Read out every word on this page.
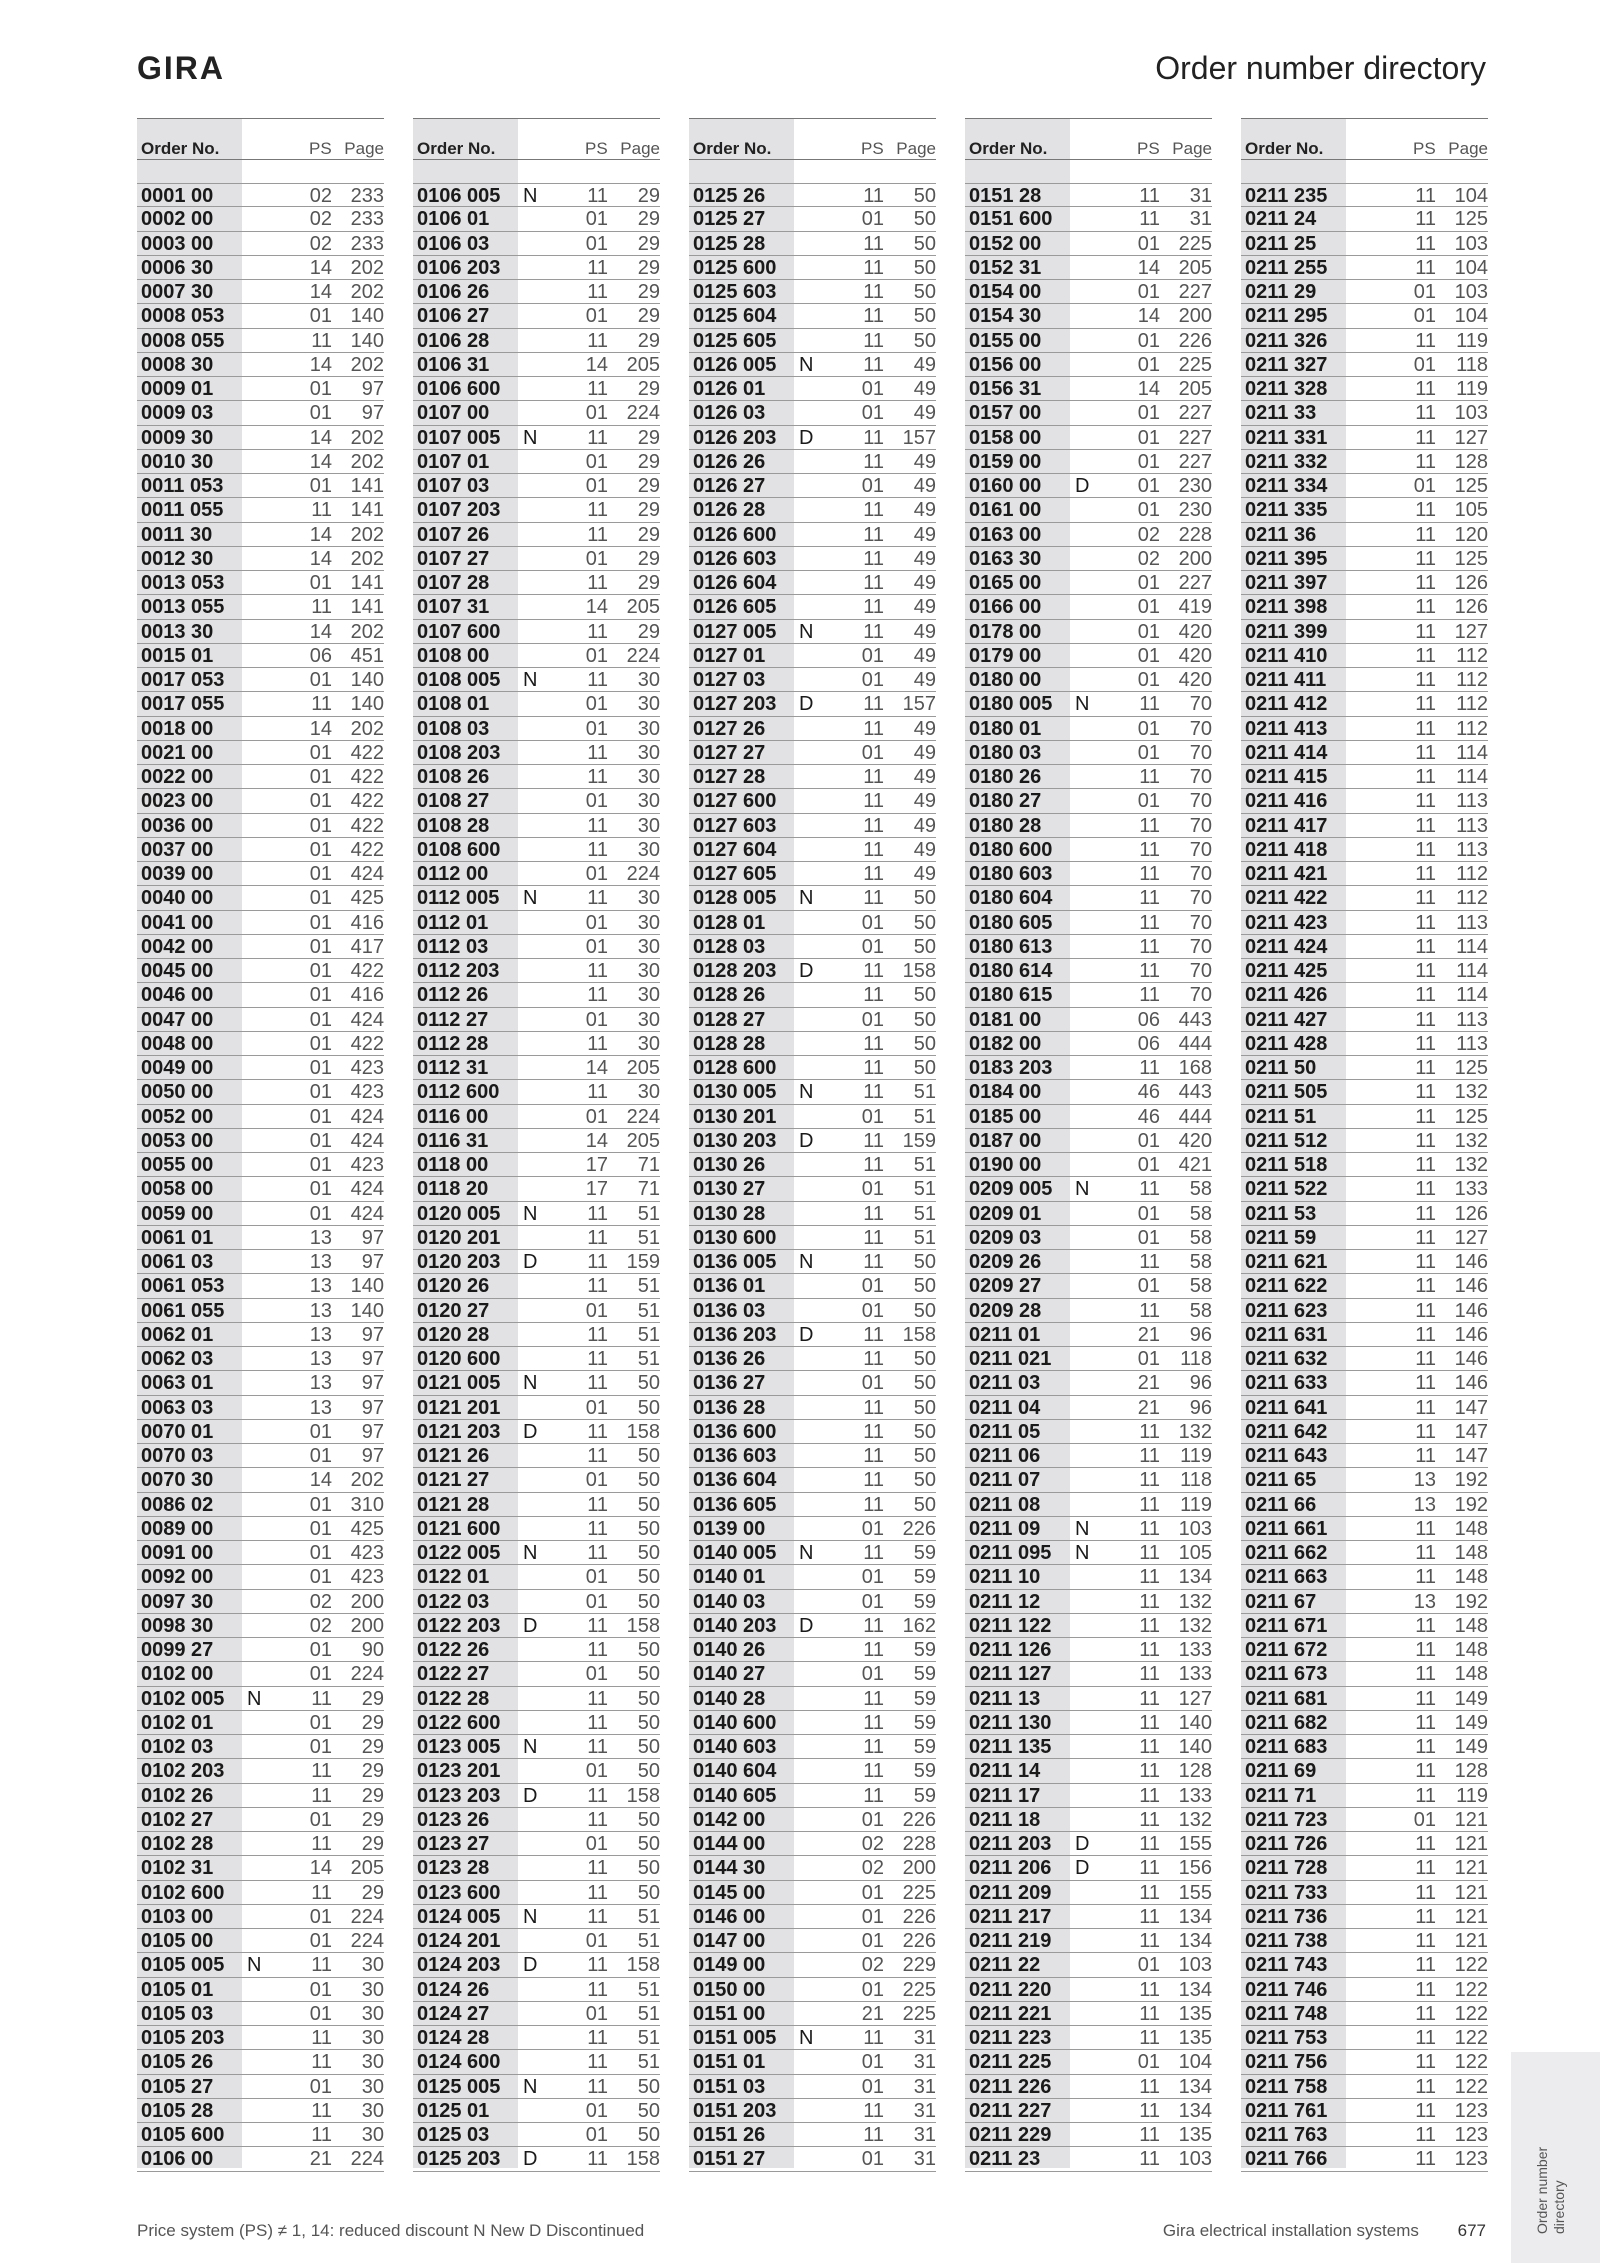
GIRA	Order number directory
Order No.	PS Page
0001 00	02 233
0002 00	02 233
0003 00	02 233
0006 30	14 202
0007 30	14 202
0008 053	01 140
0008 055	11 140
0008 30	14 202
0009 01	01 97
0009 03	01 97
0009 30	14 202
0010 30	14 202
0011 053	01 141
0011 055	11 141
0011 30	14 202
0012 30	14 202
0013 053	01 141
0013 055	11 141
0013 30	14 202
0015 01	06 451
0017 053	01 140
0017 055	11 140
0018 00	14 202
0021 00	01 422
0022 00	01 422
0023 00	01 422
0036 00	01 422
0037 00	01 422
0039 00	01 424
0040 00	01 425
0041 00	01 416
0042 00	01 417
0045 00	01 422
0046 00	01 416
0047 00	01 424
0048 00	01 422
0049 00	01 423
0050 00	01 423
0052 00	01 424
0053 00	01 424
0055 00	01 423
0058 00	01 424
0059 00	01 424
0061 01	13 97
0061 03	13 97
0061 053	13 140
0061 055	13 140
0062 01	13 97
0062 03	13 97
0063 01	13 97
0063 03	13 97
0070 01	01 97
0070 03	01 97
0070 30	14 202
0086 02	01 310
0089 00	01 425
0091 00	01 423
0092 00	01 423
0097 30	02 200
0098 30	02 200
0099 27	01 90
0102 00	01 224
0102 005 N 11 29
0102 01	01 29
0102 03	01 29
0102 203	11 29
0102 26	11 29
0102 27	01 29
0102 28	11 29
0102 31	14 205
0102 600	11 29
0103 00	01 224
0105 00	01 224
0105 005 N 11 30
0105 01	01 30
0105 03	01 30
0105 203	11 30
0105 26	11 30
0105 27	01 30
0105 28	11 30
0105 600	11 30
0106 00	21 224
Order No.	PS Page
0106 005 N 11 29
0106 01	01 29
0106 03	01 29
0106 203	11 29
0106 26	11 29
0106 27	01 29
0106 28	11 29
0106 31	14 205
0106 600	11 29
0107 00	01 224
0107 005 N 11 29
0107 01	01 29
0107 03	01 29
0107 203	11 29
0107 26	11 29
0107 27	01 29
0107 28	11 29
0107 31	14 205
0107 600	11 29
0108 00	01 224
0108 005 N 11 30
0108 01	01 30
0108 03	01 30
0108 203	11 30
0108 26	11 30
0108 27	01 30
0108 28	11 30
0108 600	11 30
0112 00	01 224
0112 005 N 11 30
0112 01	01 30
0112 03	01 30
0112 203	11 30
0112 26	11 30
0112 27	01 30
0112 28	11 30
0112 31	14 205
0112 600	11 30
0116 00	01 224
0116 31	14 205
0118 00	17 71
0118 20	17 71
0120 005 N 11 51
0120 201	11 51
0120 203 D 11 159
0120 26	11 51
0120 27	01 51
0120 28	11 51
0120 600	11 51
0121 005 N 11 50
0121 201	01 50
0121 203 D 11 158
0121 26	11 50
0121 27	01 50
0121 28	11 50
0121 600	11 50
0122 005 N 11 50
0122 01	01 50
0122 03	01 50
0122 203 D 11 158
0122 26	11 50
0122 27	01 50
0122 28	11 50
0122 600	11 50
0123 005 N 11 50
0123 201	01 50
0123 203 D 11 158
0123 26	11 50
0123 27	01 50
0123 28	11 50
0123 600	11 50
0124 005 N 11 51
0124 201	01 51
0124 203 D 11 158
0124 26	11 51
0124 27	01 51
0124 28	11 51
0124 600	11 51
0125 005 N 11 50
0125 01	01 50
0125 03	01 50
0125 203 D 11 158
Order No.	PS Page
0125 26	11 50
0125 27	01 50
0125 28	11 50
0125 600	11 50
0125 603	11 50
0125 604	11 50
0125 605	11 50
0126 005 N 11 49
0126 01	01 49
0126 03	01 49
0126 203 D 11 157
0126 26	11 49
0126 27	01 49
0126 28	11 49
0126 600	11 49
0126 603	11 49
0126 604	11 49
0126 605	11 49
0127 005 N 11 49
0127 01	01 49
0127 03	01 49
0127 203 D 11 157
0127 26	11 49
0127 27	01 49
0127 28	11 49
0127 600	11 49
0127 603	11 49
0127 604	11 49
0127 605	11 49
0128 005 N 11 50
0128 01	01 50
0128 03	01 50
0128 203 D 11 158
0128 26	11 50
0128 27	01 50
0128 28	11 50
0128 600	11 50
0130 005 N 11 51
0130 201	01 51
0130 203 D 11 159
0130 26	11 51
0130 27	01 51
0130 28	11 51
0130 600	11 51
0136 005 N 11 50
0136 01	01 50
0136 03	01 50
0136 203 D 11 158
0136 26	11 50
0136 27	01 50
0136 28	11 50
0136 600	11 50
0136 603	11 50
0136 604	11 50
0136 605	11 50
0139 00	01 226
0140 005 N 11 59
0140 01	01 59
0140 03	01 59
0140 203 D 11 162
0140 26	11 59
0140 27	01 59
0140 28	11 59
0140 600	11 59
0140 603	11 59
0140 604	11 59
0140 605	11 59
0142 00	01 226
0144 00	02 228
0144 30	02 200
0145 00	01 225
0146 00	01 226
0147 00	01 226
0149 00	02 229
0150 00	01 225
0151 00	21 225
0151 005 N 11 31
0151 01	01 31
0151 03	01 31
0151 203	11 31
0151 26	11 31
0151 27	01 31
Order No.	PS Page
0151 28	11 31
0151 600	11 31
0152 00	01 225
0152 31	14 205
0154 00	01 227
0154 30	14 200
0155 00	01 226
0156 00	01 225
0156 31	14 205
0157 00	01 227
0158 00	01 227
0159 00	01 227
0160 00 D 01 230
0161 00	01 230
0163 00	02 228
0163 30	02 200
0165 00	01 227
0166 00	01 419
0178 00	01 420
0179 00	01 420
0180 00	01 420
0180 005 N 11 70
0180 01	01 70
0180 03	01 70
0180 26	11 70
0180 27	01 70
0180 28	11 70
0180 600	11 70
0180 603	11 70
0180 604	11 70
0180 605	11 70
0180 613	11 70
0180 614	11 70
0180 615	11 70
0181 00	06 443
0182 00	06 444
0183 203	11 168
0184 00	46 443
0185 00	46 444
0187 00	01 420
0190 00	01 421
0209 005 N 11 58
0209 01	01 58
0209 03	01 58
0209 26	11 58
0209 27	01 58
0209 28	11 58
0211 01	21 96
0211 021	01 118
0211 03	21 96
0211 04	21 96
0211 05	11 132
0211 06	11 119
0211 07	11 118
0211 08	11 119
0211 09 N 11 103
0211 095 N 11 105
0211 10	11 134
0211 12	11 132
0211 122	11 132
0211 126	11 133
0211 127	11 133
0211 13	11 127
0211 130	11 140
0211 135	11 140
0211 14	11 128
0211 17	11 133
0211 18	11 132
0211 203 D 11 155
0211 206 D 11 156
0211 209	11 155
0211 217	11 134
0211 219	11 134
0211 22	01 103
0211 220	11 134
0211 221	11 135
0211 223	11 135
0211 225	01 104
0211 226	11 134
0211 227	11 134
0211 229	11 135
0211 23	11 103
Order No.	PS Page
0211 235	11 104
0211 24	11 125
0211 25	11 103
0211 255	11 104
0211 29	01 103
0211 295	01 104
0211 326	11 119
0211 327	01 118
0211 328	11 119
0211 33	11 103
0211 331	11 127
0211 332	11 128
0211 334	01 125
0211 335	11 105
0211 36	11 120
0211 395	11 125
0211 397	11 126
0211 398	11 126
0211 399	11 127
0211 410	11 112
0211 411	11 112
0211 412	11 112
0211 413	11 112
0211 414	11 114
0211 415	11 114
0211 416	11 113
0211 417	11 113
0211 418	11 113
0211 421	11 112
0211 422	11 112
0211 423	11 113
0211 424	11 114
0211 425	11 114
0211 426	11 114
0211 427	11 113
0211 428	11 113
0211 50	11 125
0211 505	11 132
0211 51	11 125
0211 512	11 132
0211 518	11 132
0211 522	11 133
0211 53	11 126
0211 59	11 127
0211 621	11 146
0211 622	11 146
0211 623	11 146
0211 631	11 146
0211 632	11 146
0211 633	11 146
0211 641	11 147
0211 642	11 147
0211 643	11 147
0211 65	13 192
0211 66	13 192
0211 661	11 148
0211 662	11 148
0211 663	11 148
0211 67	13 192
0211 671	11 148
0211 672	11 148
0211 673	11 148
0211 681	11 149
0211 682	11 149
0211 683	11 149
0211 69	11 128
0211 71	11 119
0211 723	01 121
0211 726	11 121
0211 728	11 121
0211 733	11 121
0211 736	11 121
0211 738	11 121
0211 743	11 122
0211 746	11 122
0211 748	11 122
0211 753	11 122
0211 756	11 122
0211 758	11 122
0211 761	11 123
0211 763	11 123
0211 766	11 123	Order number directory
Price system (PS) ≠ 1, 14: reduced discount N New D Discontinued	Gira electrical installation systems 677
